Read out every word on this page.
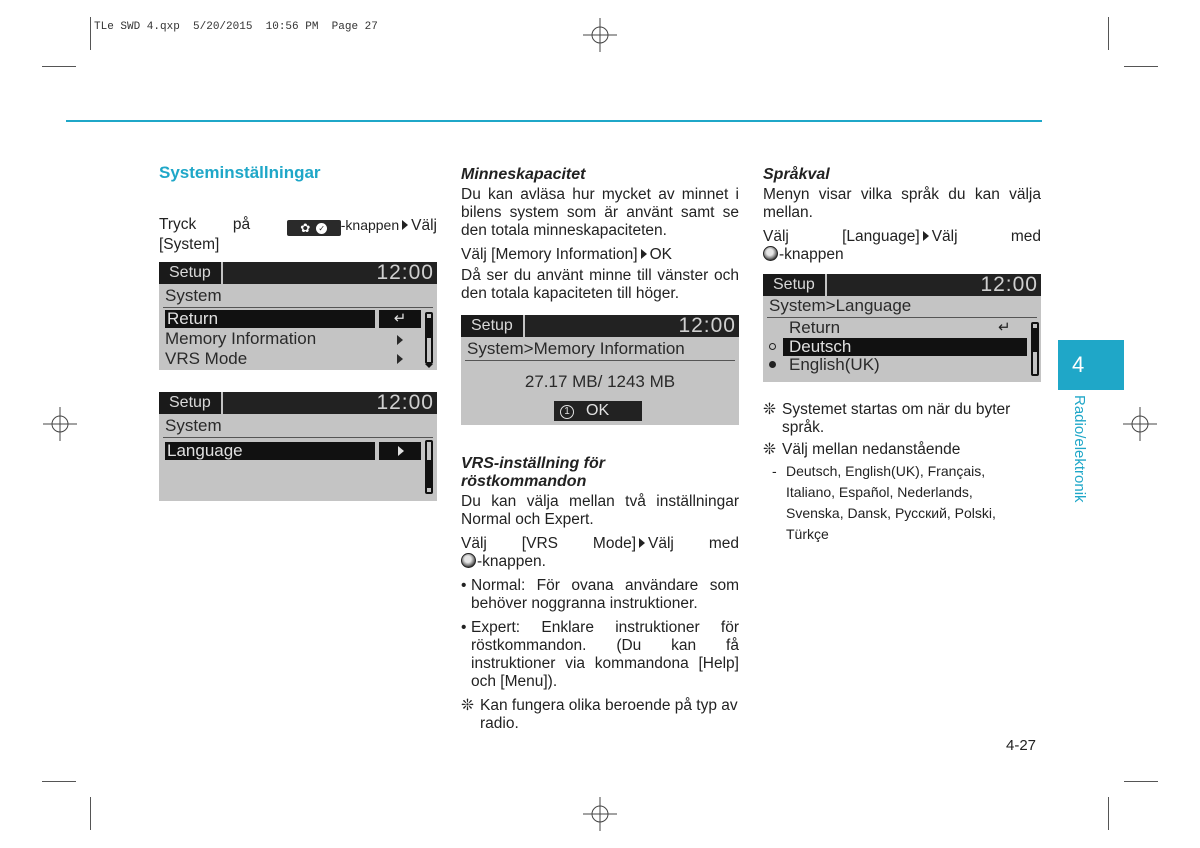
TLe SWD 4.qxp  5/20/2015  10:56 PM  Page 27
Systeminställningar
Tryck på	✿ ✓ -knappen Välj
[System]
Setup	12:00
System
Return	↵
Memory Information
VRS Mode
Setup	12:00
System
Language
Minneskapacitet

Du kan avläsa hur mycket av minnet i bilens system som är använt samt se den totala minneskapaciteten.

Välj [Memory Information] OK

Då ser du använt minne till vänster och den totala kapaciteten till höger.

Setup	12:00
System>Memory Information
27.17 MB/ 1243 MB
1 OK
VRS-inställning för
röstkommandon

Du kan välja mellan två inställningar Normal och Expert.

Välj [VRS Mode] Välj med

-knappen.

• Normal: För ovana användare som behöver noggranna instruktioner.
• Expert: Enklare instruktioner för röstkommandon. (Du kan få instruktioner via kommandona [Help] och [Menu]).
❊ Kan fungera olika beroende på typ av radio.
Språkval

Menyn visar vilka språk du kan välja mellan.

Välj	[Language] Välj	med

-knappen

Setup	12:00
System>Language
Return	↵
Deutsch
English(UK)
❊ Systemet startas om när du byter språk.
❊ Välj mellan nedanstående
- Deutsch, English(UK), Français,
Italiano, Español, Nederlands,
Svenska, Dansk, Русский, Polski,
Türkçe
4
Radio/elektronik
4-27
